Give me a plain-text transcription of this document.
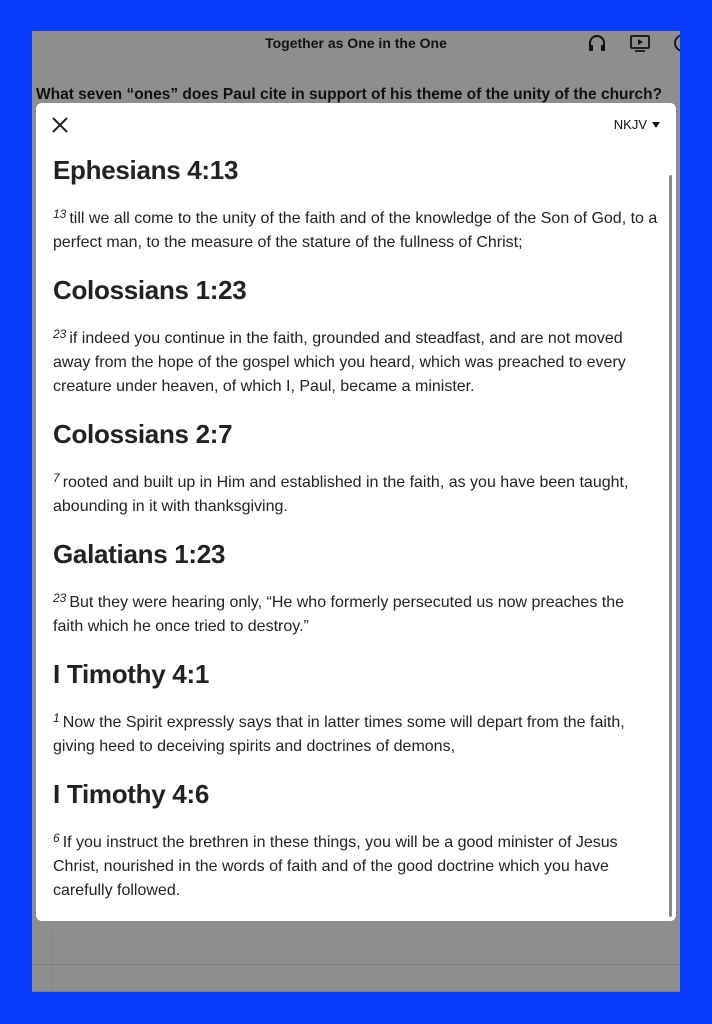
Together as One in the One
What seven “ones” does Paul cite in support of his theme of the unity of the church?
NKJV
Ephesians 4:13

$^{13}$ till we all come to the unity of the faith and of the knowledge of the Son of God, to a perfect man, to the measure of the stature of the fullness of Christ;

Colossians 1:23

$^{23}$ if indeed you continue in the faith, grounded and steadfast, and are not moved away from the hope of the gospel which you heard, which was preached to every creature under heaven, of which I, Paul, became a minister.

Colossians 2:7

$^7$ rooted and built up in Him and established in the faith, as you have been taught, abounding in it with thanksgiving.

Galatians 1:23

$^{23}$ But they were hearing only, “He who formerly persecuted us now preaches the faith which he once tried to destroy.”

I Timothy 4:1

$^1$ Now the Spirit expressly says that in latter times some will depart from the faith, giving heed to deceiving spirits and doctrines of demons,

I Timothy 4:6

$^6$ If you instruct the brethren in these things, you will be a good minister of Jesus Christ, nourished in the words of faith and of the good doctrine which you have carefully followed.
